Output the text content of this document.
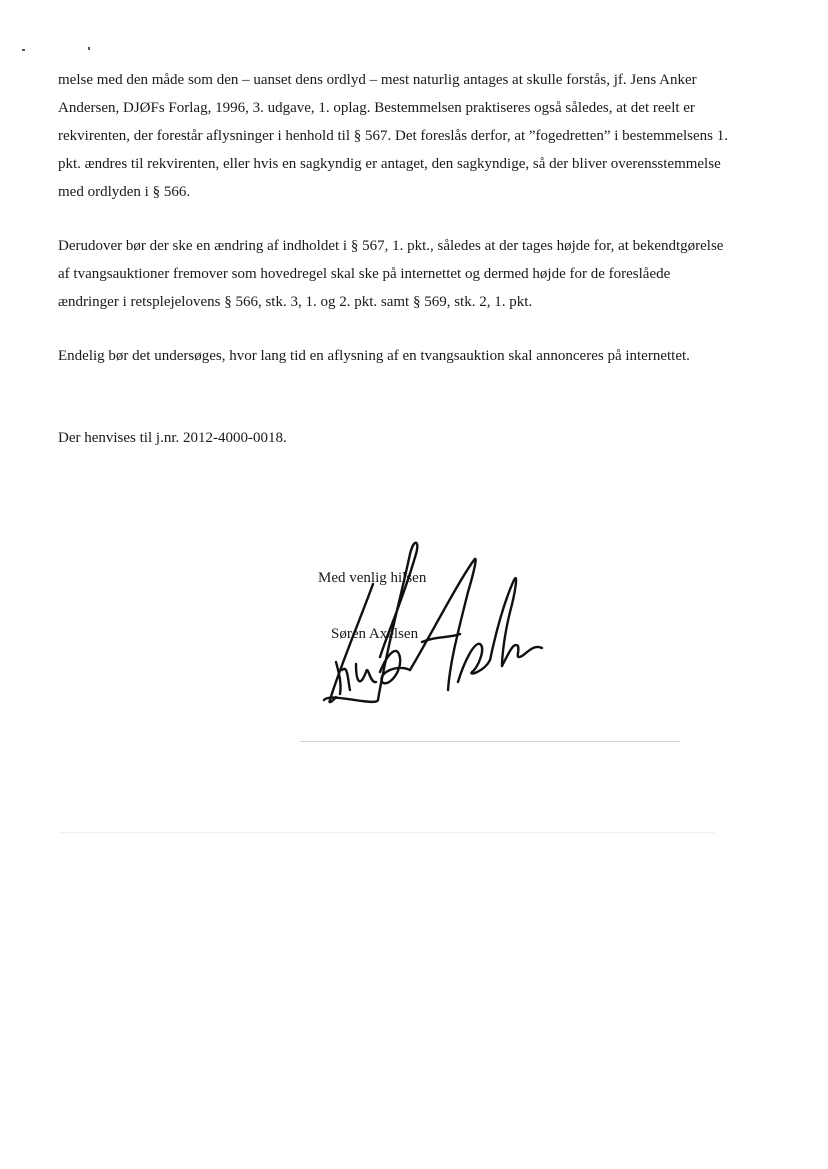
melse med den måde som den – uanset dens ordlyd – mest naturlig antages at skulle forstås, jf. Jens Anker Andersen, DJØFs Forlag, 1996, 3. udgave, 1. oplag. Bestemmelsen praktiseres også således, at det reelt er rekvirenten, der forestår aflysninger i henhold til § 567. Det foreslås derfor, at ”fogedretten” i bestemmelsens 1. pkt. ændres til rekvirenten, eller hvis en sagkyndig er antaget, den sagkyndige, så der bliver overensstemmelse med ordlyden i § 566.

Derudover bør der ske en ændring af indholdet i § 567, 1. pkt., således at der tages højde for, at bekendtgørelse af tvangsauktioner fremover som hovedregel skal ske på internettet og dermed højde for de foreslåede ændringer i retsplejelovens § 566, stk. 3, 1. og 2. pkt. samt § 569, stk. 2, 1. pkt.

Endelig bør det undersøges, hvor lang tid en aflysning af en tvangsauktion skal annonceres på internettet.

Der henvises til j.nr. 2012-4000-0018.

Med venlig hilsen
Søren Axelsen
